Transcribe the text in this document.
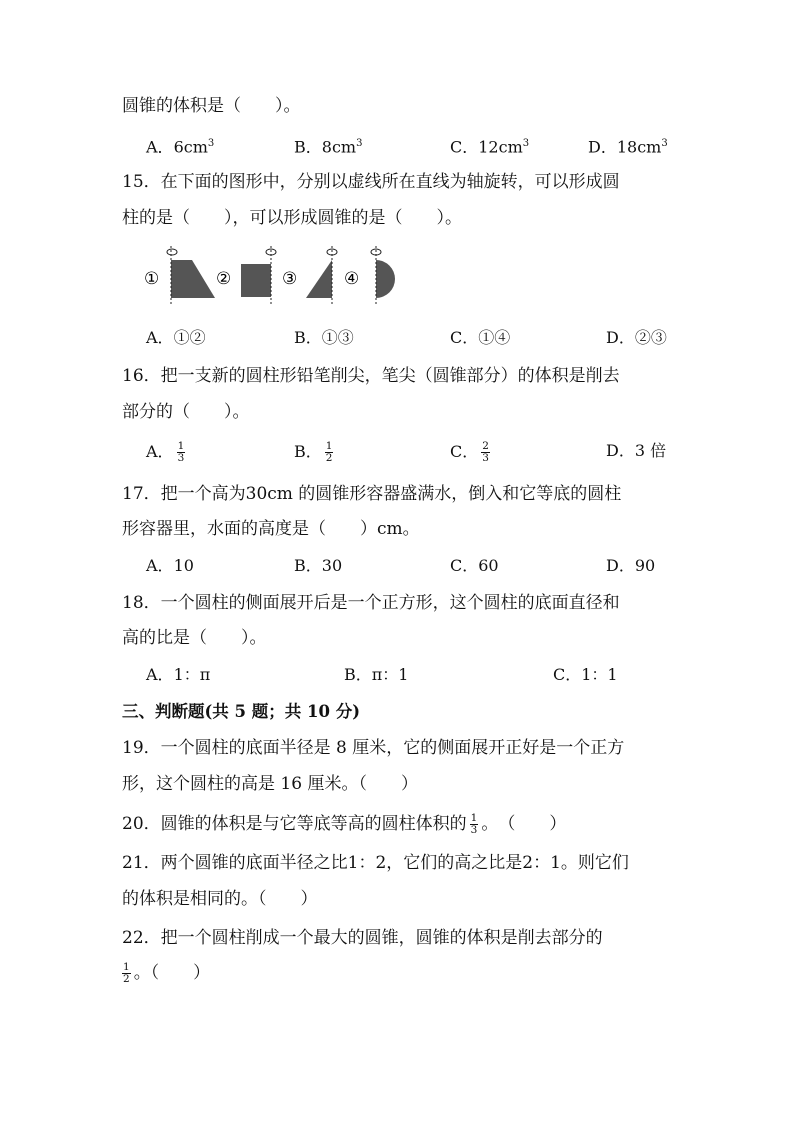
圆锥的体积是（　　）。
A．$6cm^3$	B．$8cm^3$	C．$12cm^3$	D．$18cm^3$
15．在下面的图形中，分别以虚线所在直线为轴旋转，可以形成圆
柱的是（　　），可以形成圆锥的是（　　）。
①	②	③	④
A．①②	B．①③	C．①④	D．②③
16．把一支新的圆柱形铅笔削尖，笔尖（圆锥部分）的体积是削去
部分的（　　）。
A． $\frac{1}{3}$	B． $\frac{1}{2}$	C． $\frac{2}{3}$	D．3 倍
17．把一个高为30cm 的圆锥形容器盛满水，倒入和它等底的圆柱
形容器里，水面的高度是（　　）cm。
A．10	B．30	C．60	D．90
18．一个圆柱的侧面展开后是一个正方形，这个圆柱的底面直径和
高的比是（　　）。
A．1：π	B．π：1	C．1：1
三、判断题(共 5 题；共 10 分)
19．一个圆柱的底面半径是 8 厘米，它的侧面展开正好是一个正方
形，这个圆柱的高是 16 厘米。（　　）
20．圆锥的体积是与它等底等高的圆柱体积的 $\frac{1}{3}$ 。　（　　）
21．两个圆锥的底面半径之比1：2，它们的高之比是2：1。则它们
的体积是相同的。（　　）
22．把一个圆柱削成一个最大的圆锥，圆锥的体积是削去部分的
$\frac{1}{2}$ 。（　　）
